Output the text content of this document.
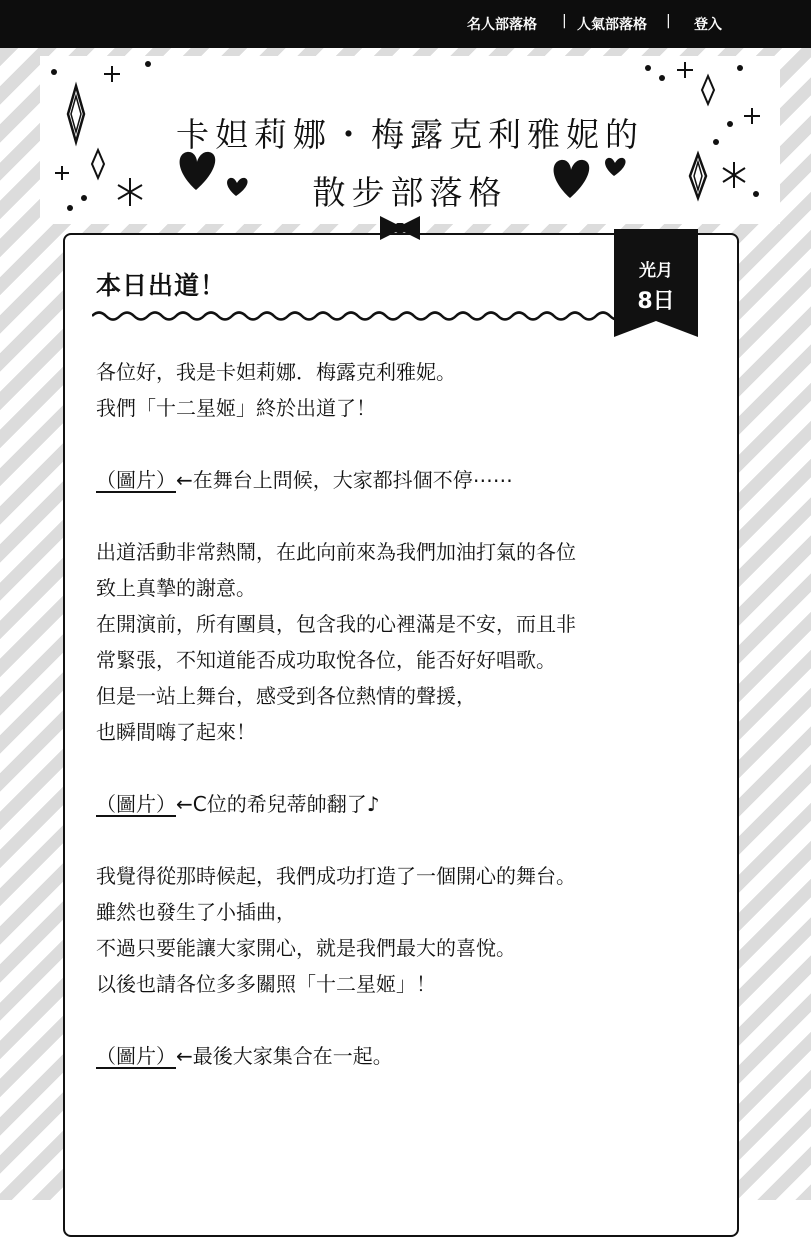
名人部落格 | 人氣部落格 | 登入
卡妲莉娜・梅露克利雅妮的
散步部落格
本日出道！	光月
8日
各位好，我是卡妲莉娜．梅露克利雅妮。
我們「十二星姬」終於出道了！
（圖片）←在舞台上問候，大家都抖個不停⋯⋯
出道活動非常熱鬧，在此向前來為我們加油打氣的各位
致上真摯的謝意。
在開演前，所有團員，包含我的心裡滿是不安，而且非
常緊張，不知道能否成功取悅各位，能否好好唱歌。
但是一站上舞台，感受到各位熱情的聲援，
也瞬間嗨了起來！
（圖片）←C位的希兒蒂帥翻了♪
我覺得從那時候起，我們成功打造了一個開心的舞台。
雖然也發生了小插曲，
不過只要能讓大家開心，就是我們最大的喜悅。
以後也請各位多多關照「十二星姬」！
（圖片）←最後大家集合在一起。
